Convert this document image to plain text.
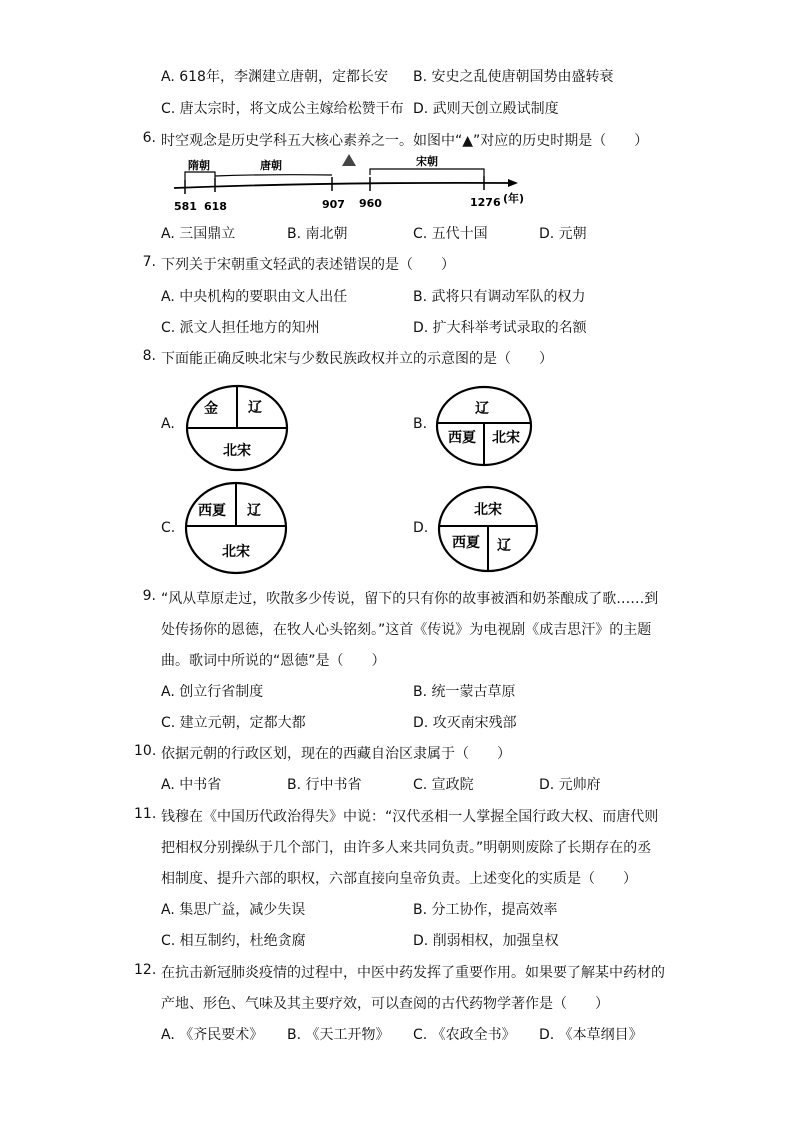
A. 618年，李渊建立唐朝，定都长安 B. 安史之乱使唐朝国势由盛转衰
C. 唐太宗时，将文成公主嫁给松赞干布 D. 武则天创立殿试制度
6. 时空观念是历史学科五大核心素养之一。如图中“▲”对应的历史时期是（　　）
隋朝	唐朝	宋朝
581 618	907 960	1276 (年)
A. 三国鼎立	B. 南北朝	C. 五代十国	D. 元朝
7. 下列关于宋朝重文轻武的表述错误的是（　　）
A. 中央机构的要职由文人出任	B. 武将只有调动军队的权力
C. 派文人担任地方的知州	D. 扩大科举考试录取的名额
8. 下面能正确反映北宋与少数民族政权并立的示意图的是（　　）
A.
金 辽
北宋
B.
辽
西夏 北宋
C.
西夏 辽
北宋
D.
北宋
西夏 辽
9. “风从草原走过，吹散多少传说，留下的只有你的故事被酒和奶茶酿成了歌……到
处传扬你的恩德，在牧人心头铭刻。”这首《传说》为电视剧《成吉思汗》的主题
曲。歌词中所说的“恩德”是（　　）
A. 创立行省制度	B. 统一蒙古草原
C. 建立元朝，定都大都	D. 攻灭南宋残部
10. 依据元朝的行政区划，现在的西藏自治区隶属于（　　）
A. 中书省	B. 行中书省	C. 宣政院	D. 元帅府
11. 钱穆在《中国历代政治得失》中说：“汉代丞相一人掌握全国行政大权、而唐代则
把相权分别操纵于几个部门，由许多人来共同负责。”明朝则废除了长期存在的丞
相制度、提升六部的职权，六部直接向皇帝负责。上述变化的实质是（　　）
A. 集思广益，减少失误	B. 分工协作，提高效率
C. 相互制约，杜绝贪腐	D. 削弱相权，加强皇权
12. 在抗击新冠肺炎疫情的过程中，中医中药发挥了重要作用。如果要了解某中药材的
产地、形色、气味及其主要疗效，可以查阅的古代药物学著作是（　　）
A. 《齐民要术》 B. 《天工开物》 C. 《农政全书》 D. 《本草纲目》
